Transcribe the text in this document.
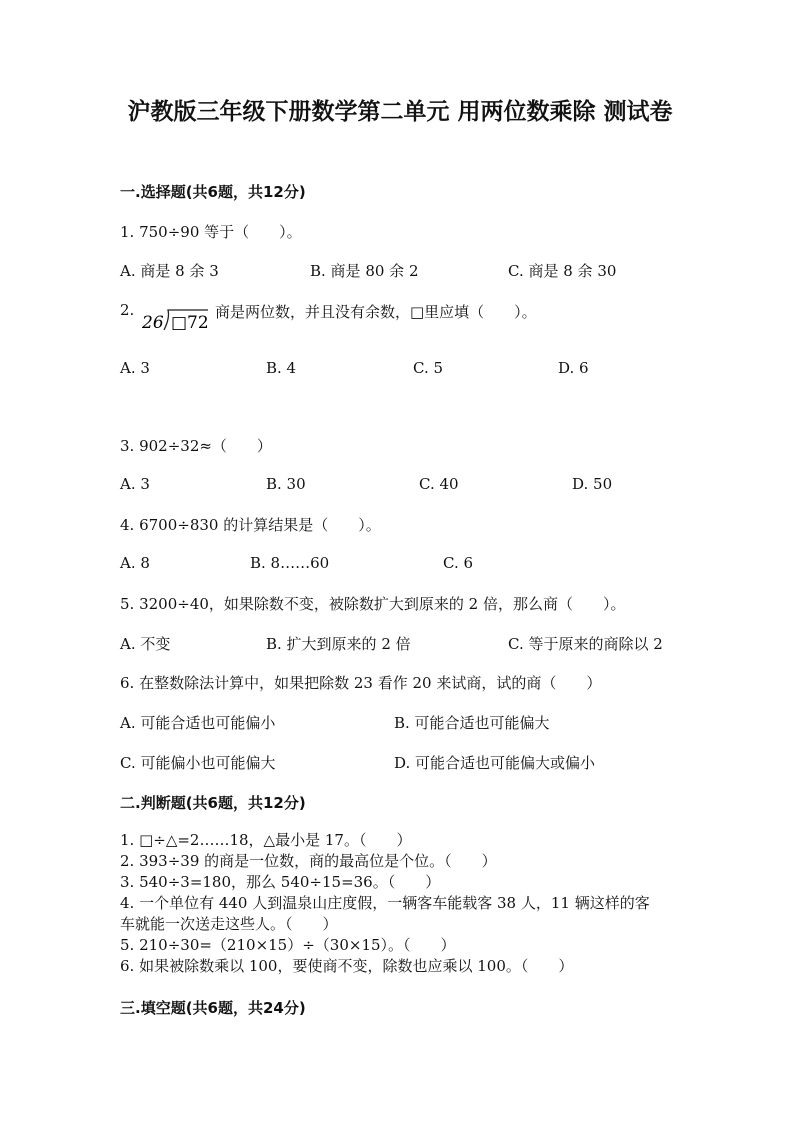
沪教版三年级下册数学第二单元 用两位数乘除 测试卷
一.选择题(共6题，共12分)
1. 750÷90 等于（　　）。
A. 商是 8 余 3	B. 商是 80 余 2	C. 商是 8 余 30
2.
26 □72
商是两位数，并且没有余数，□里应填（　　）。
A. 3	B. 4	C. 5	D. 6
3. 902÷32≈（　　）
A. 3	B. 30	C. 40	D. 50
4. 6700÷830 的计算结果是（　　）。
A. 8	B. 8……60	C. 6
5. 3200÷40，如果除数不变，被除数扩大到原来的 2 倍，那么商（　　）。
A. 不变	B. 扩大到原来的 2 倍	C. 等于原来的商除以 2
6. 在整数除法计算中，如果把除数 23 看作 20 来试商，试的商（　　）
A. 可能合适也可能偏小	B. 可能合适也可能偏大
C. 可能偏小也可能偏大	D. 可能合适也可能偏大或偏小
二.判断题(共6题，共12分)
1. □÷△=2……18，△最小是 17。（　　）
2. 393÷39 的商是一位数，商的最高位是个位。（　　）
3. 540÷3=180，那么 540÷15=36。（　　）
4. 一个单位有 440 人到温泉山庄度假，一辆客车能载客 38 人，11 辆这样的客
车就能一次送走这些人。（　　）
5. 210÷30=（210×15）÷（30×15）。（　　）
6. 如果被除数乘以 100，要使商不变，除数也应乘以 100。（　　）
三.填空题(共6题，共24分)
